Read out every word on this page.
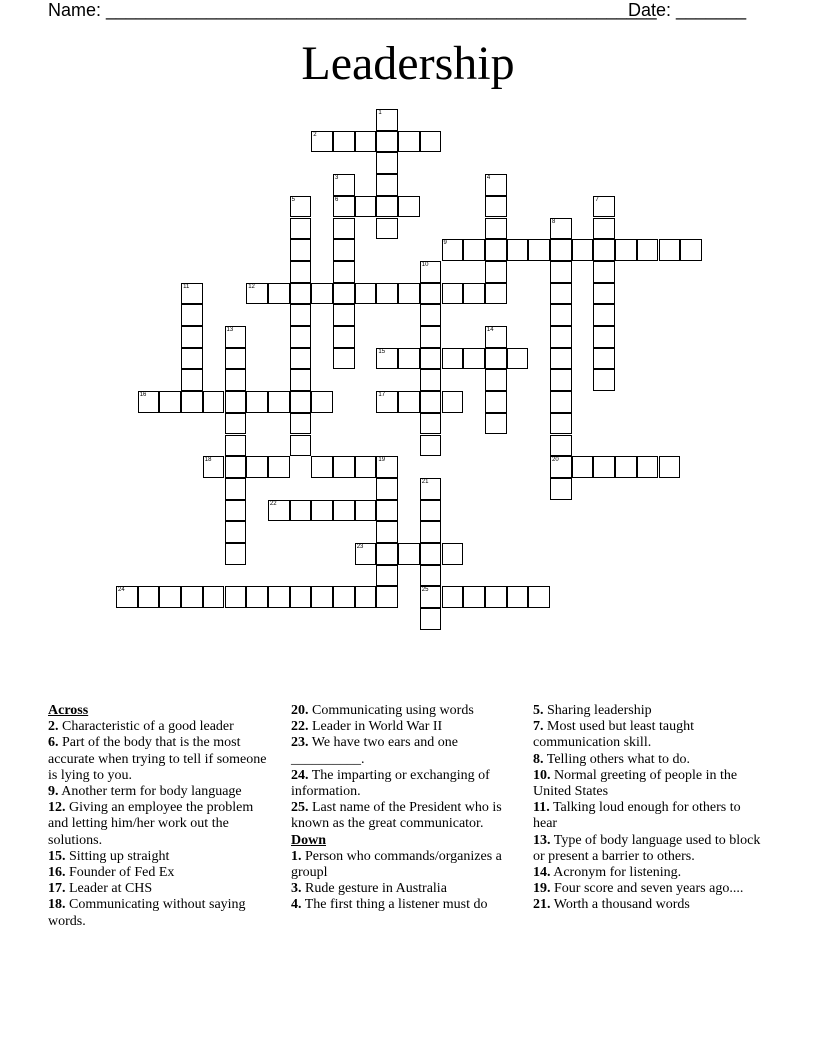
Name: _______________________________________________________
Date: _______
Leadership
1
2
3
6
4
5	7
8
20
9
10
11	12
13	14
15
16	17
18	19
21
25
22
23
24

Across

2. Characteristic of a good leader

6. Part of the body that is the most accurate when trying to tell if someone is lying to you.

9. Another term for body language

12. Giving an employee the problem and letting him/her work out the solutions.

15. Sitting up straight

16. Founder of Fed Ex

17. Leader at CHS

18. Communicating without saying words.

20. Communicating using words

22. Leader in World War II

23. We have two ears and one __________.

24. The imparting or exchanging of information.

25. Last name of the President who is known as the great communicator.

Down

1. Person who commands/organizes a groupl

3. Rude gesture in Australia

4. The first thing a listener must do

5. Sharing leadership

7. Most used but least taught communication skill.

8. Telling others what to do.

10. Normal greeting of people in the United States

11. Talking loud enough for others to hear

13. Type of body language used to block or present a barrier to others.

14. Acronym for listening.

19. Four score and seven years ago....

21. Worth a thousand words
